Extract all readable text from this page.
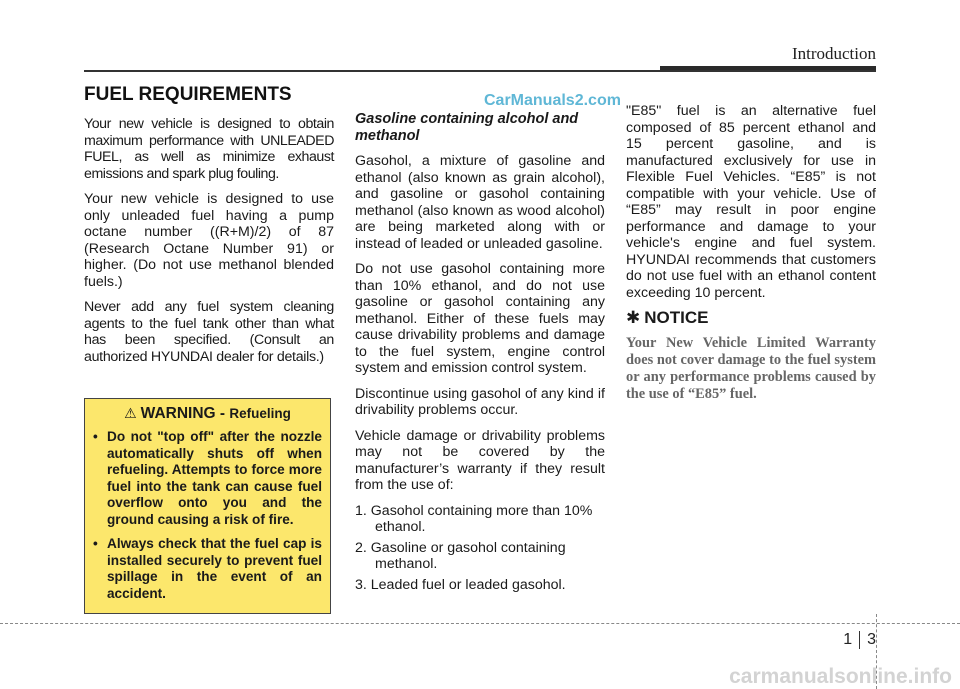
Introduction
FUEL REQUIREMENTS	CarManuals2.com

Your new vehicle is designed to obtain maximum performance with UNLEADED FUEL, as well as minimize exhaust emissions and spark plug fouling.

Your new vehicle is designed to use only unleaded fuel having a pump octane number ((R+M)/2) of 87 (Research Octane Number 91) or higher. (Do not use methanol blended fuels.)

Never add any fuel system cleaning agents to the fuel tank other than what has been specified. (Consult an authorized HYUNDAI dealer for details.)

⚠ WARNING - Refueling
• Do not "top off" after the nozzle automatically shuts off when refueling. Attempts to force more fuel into the tank can cause fuel overflow onto you and the ground causing a risk of fire.
• Always check that the fuel cap is installed securely to prevent fuel spillage in the event of an accident.
Gasoline containing alcohol and methanol

Gasohol, a mixture of gasoline and ethanol (also known as grain alcohol), and gasoline or gasohol containing methanol (also known as wood alcohol) are being marketed along with or instead of leaded or unleaded gasoline.

Do not use gasohol containing more than 10% ethanol, and do not use gasoline or gasohol containing any methanol. Either of these fuels may cause drivability problems and damage to the fuel system, engine control system and emission control system.

Discontinue using gasohol of any kind if drivability problems occur.

Vehicle damage or drivability problems may not be covered by the manufacturer’s warranty if they result from the use of:

1. Gasohol containing more than 10% ethanol.
2. Gasoline or gasohol containing methanol.
3. Leaded fuel or leaded gasohol.

"E85" fuel is an alternative fuel composed of 85 percent ethanol and 15 percent gasoline, and is manufactured exclusively for use in Flexible Fuel Vehicles. “E85” is not compatible with your vehicle. Use of “E85” may result in poor engine performance and damage to your vehicle's engine and fuel system. HYUNDAI recommends that customers do not use fuel with an ethanol content exceeding 10 percent.

✱ NOTICE
Your New Vehicle Limited Warranty does not cover damage to the fuel system or any performance problems caused by the use of “E85” fuel.
1 3
carmanualsonline.info
